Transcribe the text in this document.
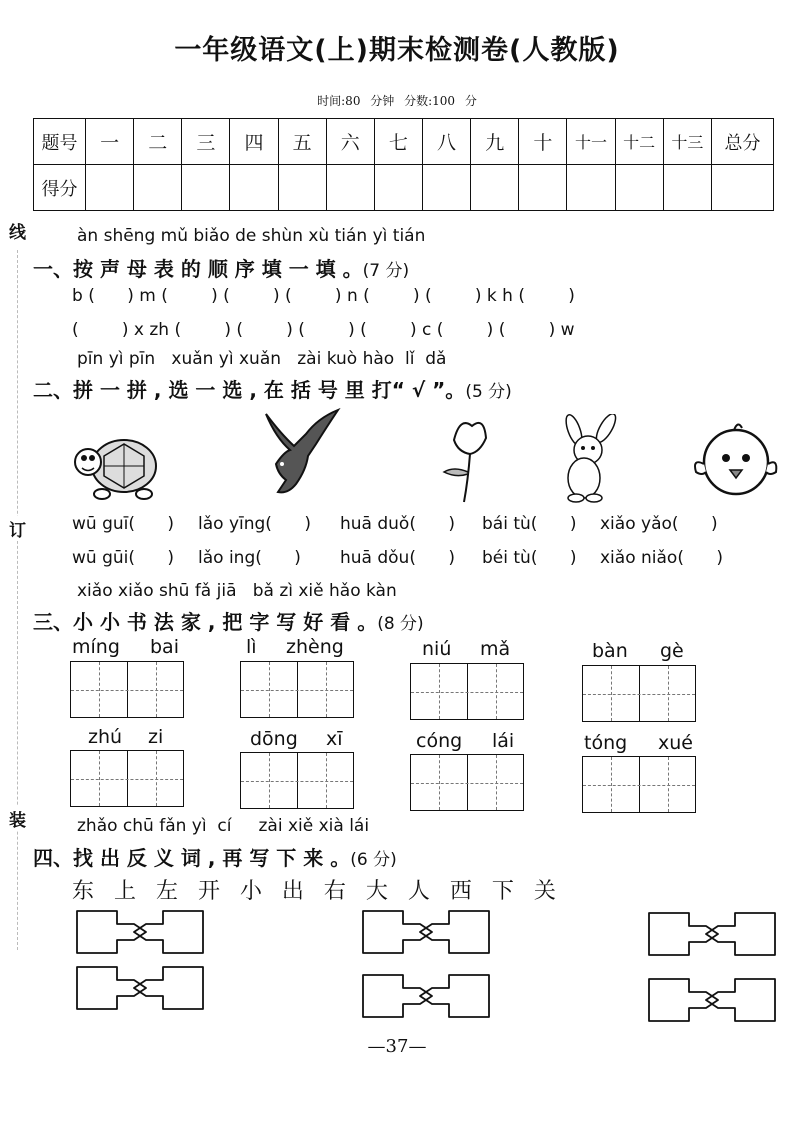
一年级语文(上)期末检测卷(人教版)
时间:80 分钟 分数:100 分
题号	一	二	三	四	五	六	七	八	九	十	十一	十二	十三	总分
得分														
线
订
装
àn shēng mǔ biǎo de shùn xù tián yì tián
一、按 声 母 表 的 顺 序 填 一 填 。(7 分)
b (      ) m (        ) (        ) (        ) n (        ) (        ) k h (        )
(        ) x zh (        ) (        ) (        ) (        ) c (        ) (        ) w
pīn yì pīn   xuǎn yì xuǎn   zài kuò hào  lǐ  dǎ
二、拼 一 拼 , 选 一 选 , 在 括 号 里 打“ √ ”。(5 分)
wū guī(      ) lǎo yīng(      ) huā duǒ(      ) bái tù(      ) xiǎo yǎo(      )
wū gūi(      ) lǎo ing(      ) huā dǒu(      ) béi tù(      ) xiǎo niǎo(      )
xiǎo xiǎo shū fǎ jiā   bǎ zì xiě hǎo kàn
三、小 小 书 法 家 , 把 字 写 好 看 。(8 分)
míng bai	lì zhèng	niú mǎ	bàn gè
zhú zi	dōng xī	cóng lái	tóng xué
zhǎo chū fǎn yì  cí     zài xiě xià lái
四、找 出 反 义 词 , 再 写 下 来 。(6 分)
东  上  左  开  小  出  右  大  人  西  下  关
—37—
